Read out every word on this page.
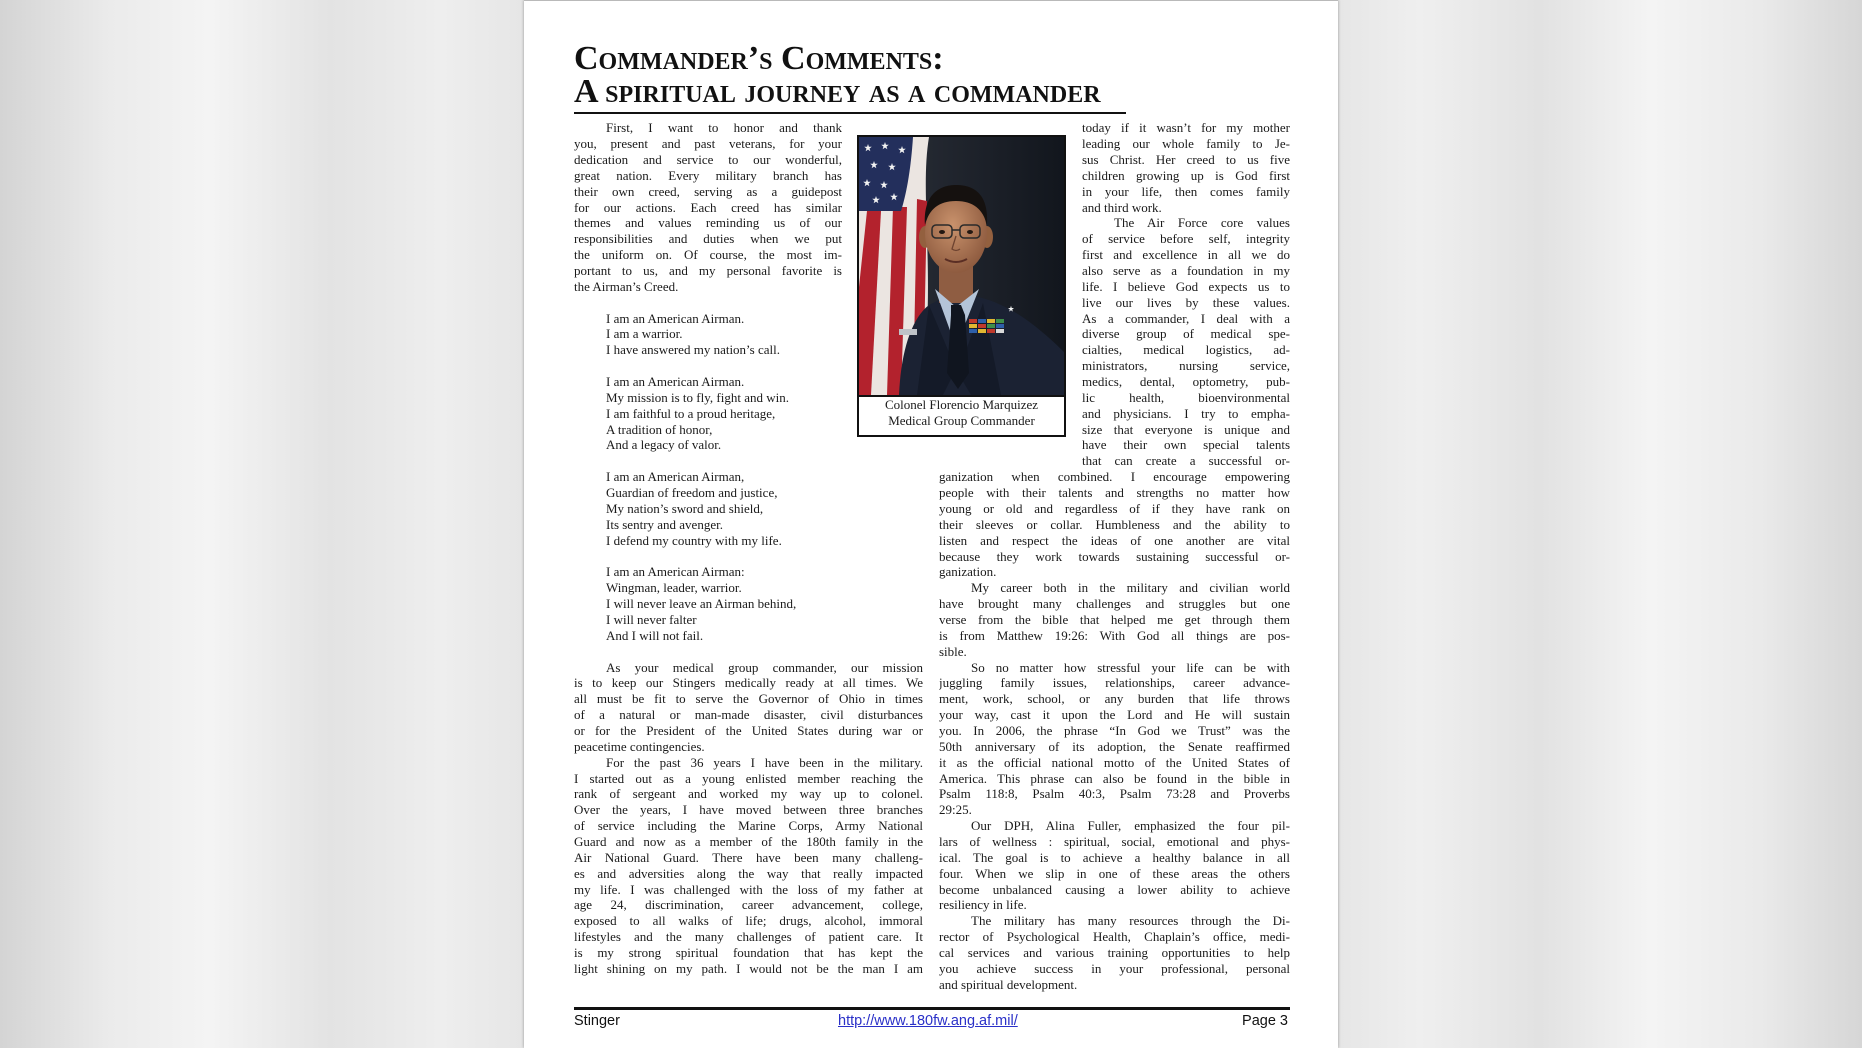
Commander’s Comments:
A spiritual journey as a commander
First, I want to honor and thank
you, present and past veterans, for your
dedication and service to our wonderful,
great nation. Every military branch has
their own creed, serving as a guidepost
for our actions. Each creed has similar
themes and values reminding us of our
responsibilities and duties when we put
the uniform on. Of course, the most im-
portant to us, and my personal favorite is
the Airman’s Creed.
I am an American Airman.
I am a warrior.
I have answered my nation’s call.
I am an American Airman.
My mission is to fly, fight and win.
I am faithful to a proud heritage,
A tradition of honor,
And a legacy of valor.
I am an American Airman,
Guardian of freedom and justice,
My nation’s sword and shield,
Its sentry and avenger.
I defend my country with my life.
I am an American Airman:
Wingman, leader, warrior.
I will never leave an Airman behind,
I will never falter
And I will not fail.
As your medical group commander, our mission
is to keep our Stingers medically ready at all times. We
all must be fit to serve the Governor of Ohio in times
of a natural or man-made disaster, civil disturbances
or for the President of the United States during war or
peacetime contingencies.
For the past 36 years I have been in the military.
I started out as a young enlisted member reaching the
rank of sergeant and worked my way up to colonel.
Over the years, I have moved between three branches
of service including the Marine Corps, Army National
Guard and now as a member of the 180th family in the
Air National Guard. There have been many challeng-
es and adversities along the way that really impacted
my life. I was challenged with the loss of my father at
age 24, discrimination, career advancement, college,
exposed to all walks of life; drugs, alcohol, immoral
lifestyles and the many challenges of patient care. It
is my strong spiritual foundation that has kept the
light shining on my path. I would not be the man I am
today if it wasn’t for my mother
leading our whole family to Je-
sus Christ. Her creed to us five
children growing up is God first
in your life, then comes family
and third work.
The Air Force core values
of service before self, integrity
first and excellence in all we do
also serve as a foundation in my
life. I believe God expects us to
live our lives by these values.
As a commander, I deal with a
diverse group of medical spe-
cialties, medical logistics, ad-
ministrators, nursing service,
medics, dental, optometry, pub-
lic health, bioenvironmental
and physicians. I try to empha-
size that everyone is unique and
have their own special talents
that can create a successful or-
ganization when combined. I encourage empowering
people with their talents and strengths no matter how
young or old and regardless of if they have rank on
their sleeves or collar. Humbleness and the ability to
listen and respect the ideas of one another are vital
because they work towards sustaining successful or-
ganization.
My career both in the military and civilian world
have brought many challenges and struggles but one
verse from the bible that helped me get through them
is from Matthew 19:26: With God all things are pos-
sible.
So no matter how stressful your life can be with
juggling family issues, relationships, career advance-
ment, work, school, or any burden that life throws
your way, cast it upon the Lord and He will sustain
you. In 2006, the phrase “In God we Trust” was the
50th anniversary of its adoption, the Senate reaffirmed
it as the official national motto of the United States of
America. This phrase can also be found in the bible in
Psalm 118:8, Psalm 40:3, Psalm 73:28 and Proverbs
29:25.
Our DPH, Alina Fuller, emphasized the four pil-
lars of wellness : spiritual, social, emotional and phys-
ical. The goal is to achieve a healthy balance in all
four. When we slip in one of these areas the others
become unbalanced causing a lower ability to achieve
resiliency in life.
The military has many resources through the Di-
rector of Psychological Health, Chaplain’s office, medi-
cal services and various training opportunities to help
you achieve success in your professional, personal
and spiritual development.
Colonel Florencio Marquizez
Medical Group Commander
Stinger	http://www.180fw.ang.af.mil/	Page 3
